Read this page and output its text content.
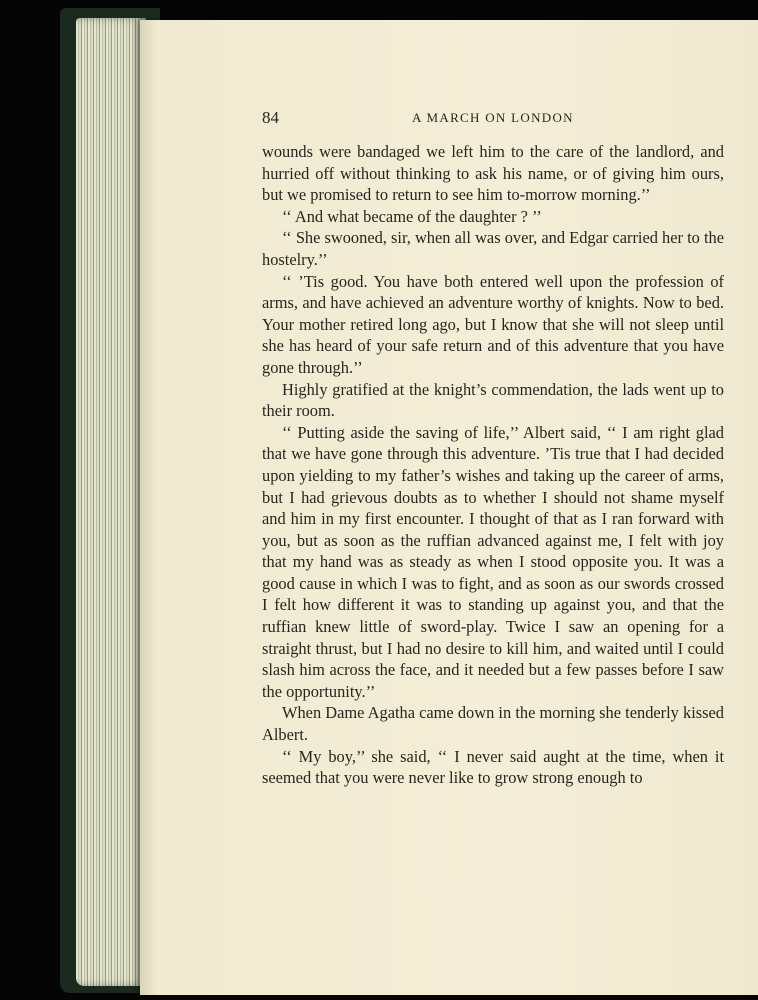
84	A MARCH ON LONDON

wounds were bandaged we left him to the care of the landlord, and hurried off without thinking to ask his name, or of giving him ours, but we promised to return to see him to-morrow morning.’’

‘‘ And what became of the daughter ? ’’

‘‘ She swooned, sir, when all was over, and Edgar carried her to the hostelry.’’

‘‘ ’Tis good. You have both entered well upon the profession of arms, and have achieved an adventure worthy of knights. Now to bed. Your mother retired long ago, but I know that she will not sleep until she has heard of your safe return and of this adventure that you have gone through.’’

Highly gratified at the knight’s commendation, the lads went up to their room.

‘‘ Putting aside the saving of life,’’ Albert said, ‘‘ I am right glad that we have gone through this adventure. ’Tis true that I had decided upon yielding to my father’s wishes and taking up the career of arms, but I had grievous doubts as to whether I should not shame myself and him in my first encounter. I thought of that as I ran forward with you, but as soon as the ruffian advanced against me, I felt with joy that my hand was as steady as when I stood opposite you. It was a good cause in which I was to fight, and as soon as our swords crossed I felt how different it was to standing up against you, and that the ruffian knew little of sword-play. Twice I saw an opening for a straight thrust, but I had no desire to kill him, and waited until I could slash him across the face, and it needed but a few passes before I saw the opportunity.’’

When Dame Agatha came down in the morning she tenderly kissed Albert.

‘‘ My boy,’’ she said, ‘‘ I never said aught at the time, when it seemed that you were never like to grow strong enough to
